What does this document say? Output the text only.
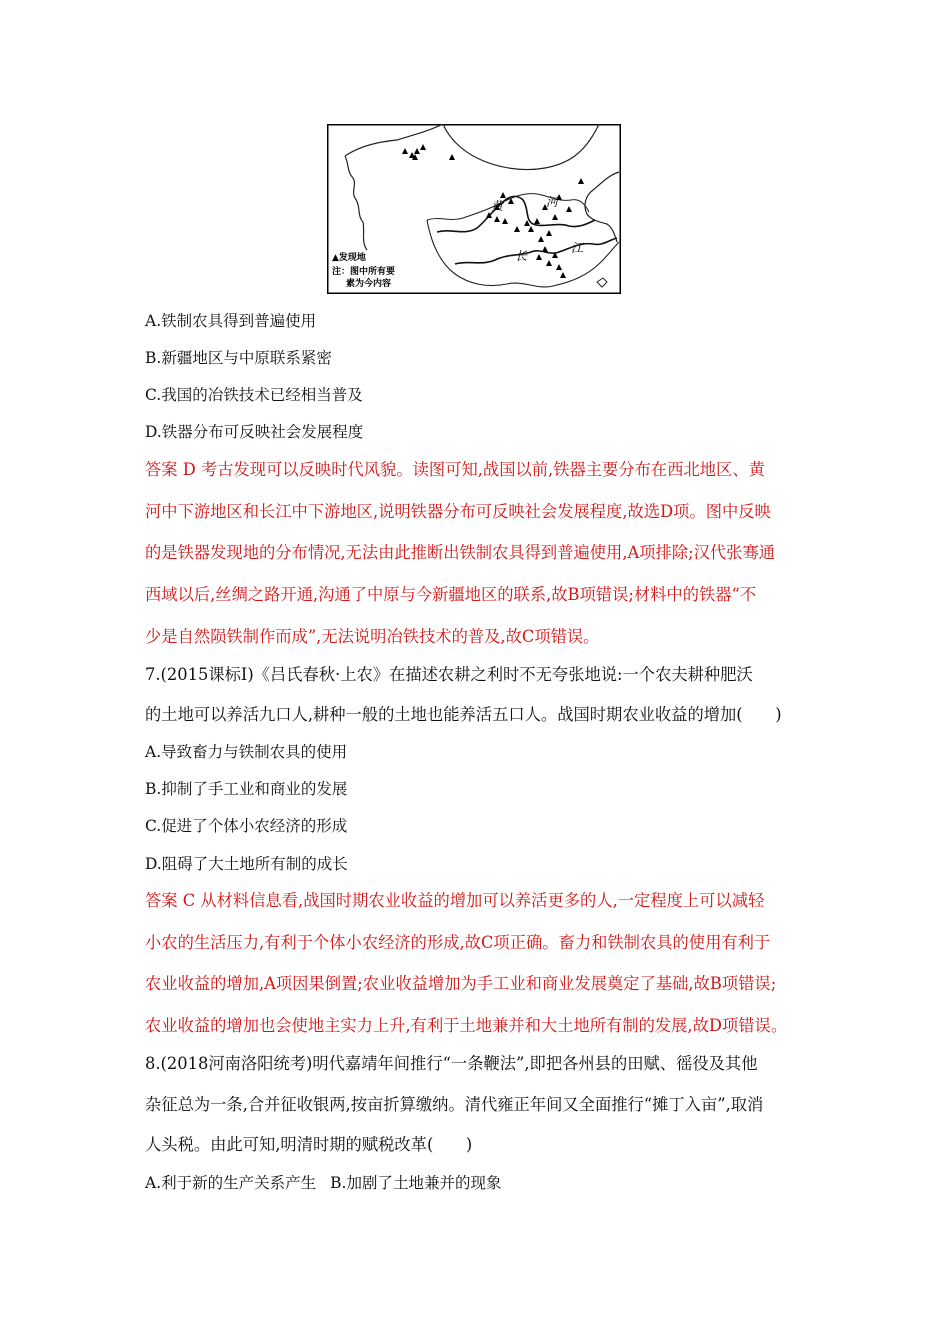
黄	河
长
江
▲发现地
注：图中所有要
素为今内容
A.铁制农具得到普遍使用
B.新疆地区与中原联系紧密
C.我国的冶铁技术已经相当普及
D.铁器分布可反映社会发展程度
答案 D 考古发现可以反映时代风貌。读图可知,战国以前,铁器主要分布在西北地区、黄
河中下游地区和长江中下游地区,说明铁器分布可反映社会发展程度,故选D项。图中反映
的是铁器发现地的分布情况,无法由此推断出铁制农具得到普遍使用,A项排除;汉代张骞通
西域以后,丝绸之路开通,沟通了中原与今新疆地区的联系,故B项错误;材料中的铁器“不
少是自然陨铁制作而成”,无法说明冶铁技术的普及,故C项错误。
7.(2015课标Ⅰ)《吕氏春秋·上农》在描述农耕之利时不无夸张地说:一个农夫耕种肥沃
的土地可以养活九口人,耕种一般的土地也能养活五口人。战国时期农业收益的增加(　　)
A.导致畜力与铁制农具的使用
B.抑制了手工业和商业的发展
C.促进了个体小农经济的形成
D.阻碍了大土地所有制的成长
答案 C 从材料信息看,战国时期农业收益的增加可以养活更多的人,一定程度上可以减轻
小农的生活压力,有利于个体小农经济的形成,故C项正确。畜力和铁制农具的使用有利于
农业收益的增加,A项因果倒置;农业收益增加为手工业和商业发展奠定了基础,故B项错误;
农业收益的增加也会使地主实力上升,有利于土地兼并和大土地所有制的发展,故D项错误。
8.(2018河南洛阳统考)明代嘉靖年间推行“一条鞭法”,即把各州县的田赋、徭役及其他
杂征总为一条,合并征收银两,按亩折算缴纳。清代雍正年间又全面推行“摊丁入亩”,取消
人头税。由此可知,明清时期的赋税改革(　　)
A.利于新的生产关系产生 B.加剧了土地兼并的现象
